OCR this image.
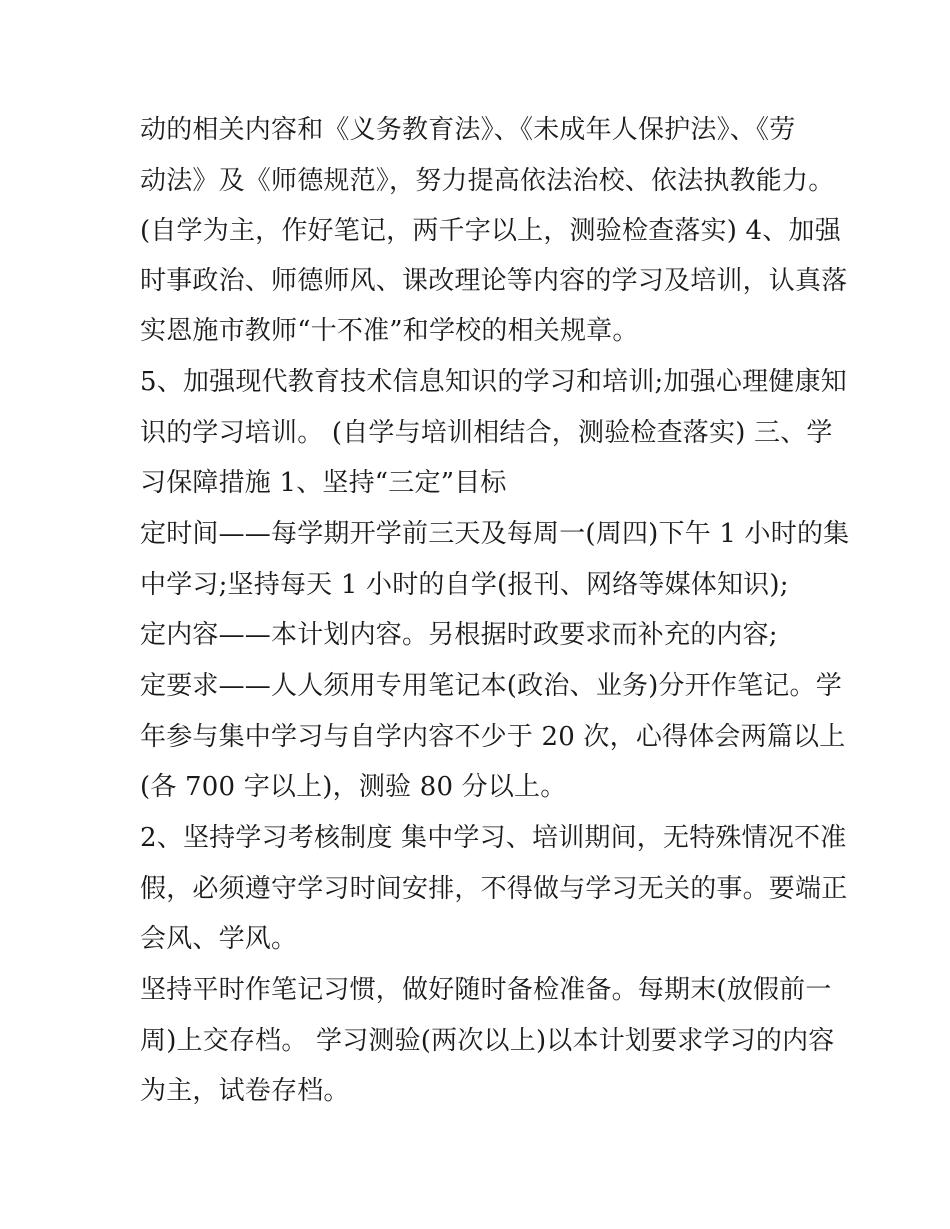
动的相关内容和《义务教育法》、《未成年人保护法》、《劳
动法》及《师德规范》，努力提高依法治校、依法执教能力。
(自学为主，作好笔记，两千字以上，测验检查落实) 4、加强
时事政治、师德师风、课改理论等内容的学习及培训，认真落
实恩施市教师“十不准”和学校的相关规章。
5、加强现代教育技术信息知识的学习和培训;加强心理健康知
识的学习培训。 (自学与培训相结合，测验检查落实) 三、学
习保障措施 1、坚持“三定”目标
定时间——每学期开学前三天及每周一(周四)下午 1 小时的集
中学习;坚持每天 1 小时的自学(报刊、网络等媒体知识);
定内容——本计划内容。另根据时政要求而补充的内容;
定要求——人人须用专用笔记本(政治、业务)分开作笔记。学
年参与集中学习与自学内容不少于 20 次，心得体会两篇以上
(各 700 字以上)，测验 80 分以上。
2、坚持学习考核制度 集中学习、培训期间，无特殊情况不准
假，必须遵守学习时间安排，不得做与学习无关的事。要端正
会风、学风。
坚持平时作笔记习惯，做好随时备检准备。每期末(放假前一
周)上交存档。 学习测验(两次以上)以本计划要求学习的内容
为主，试卷存档。
